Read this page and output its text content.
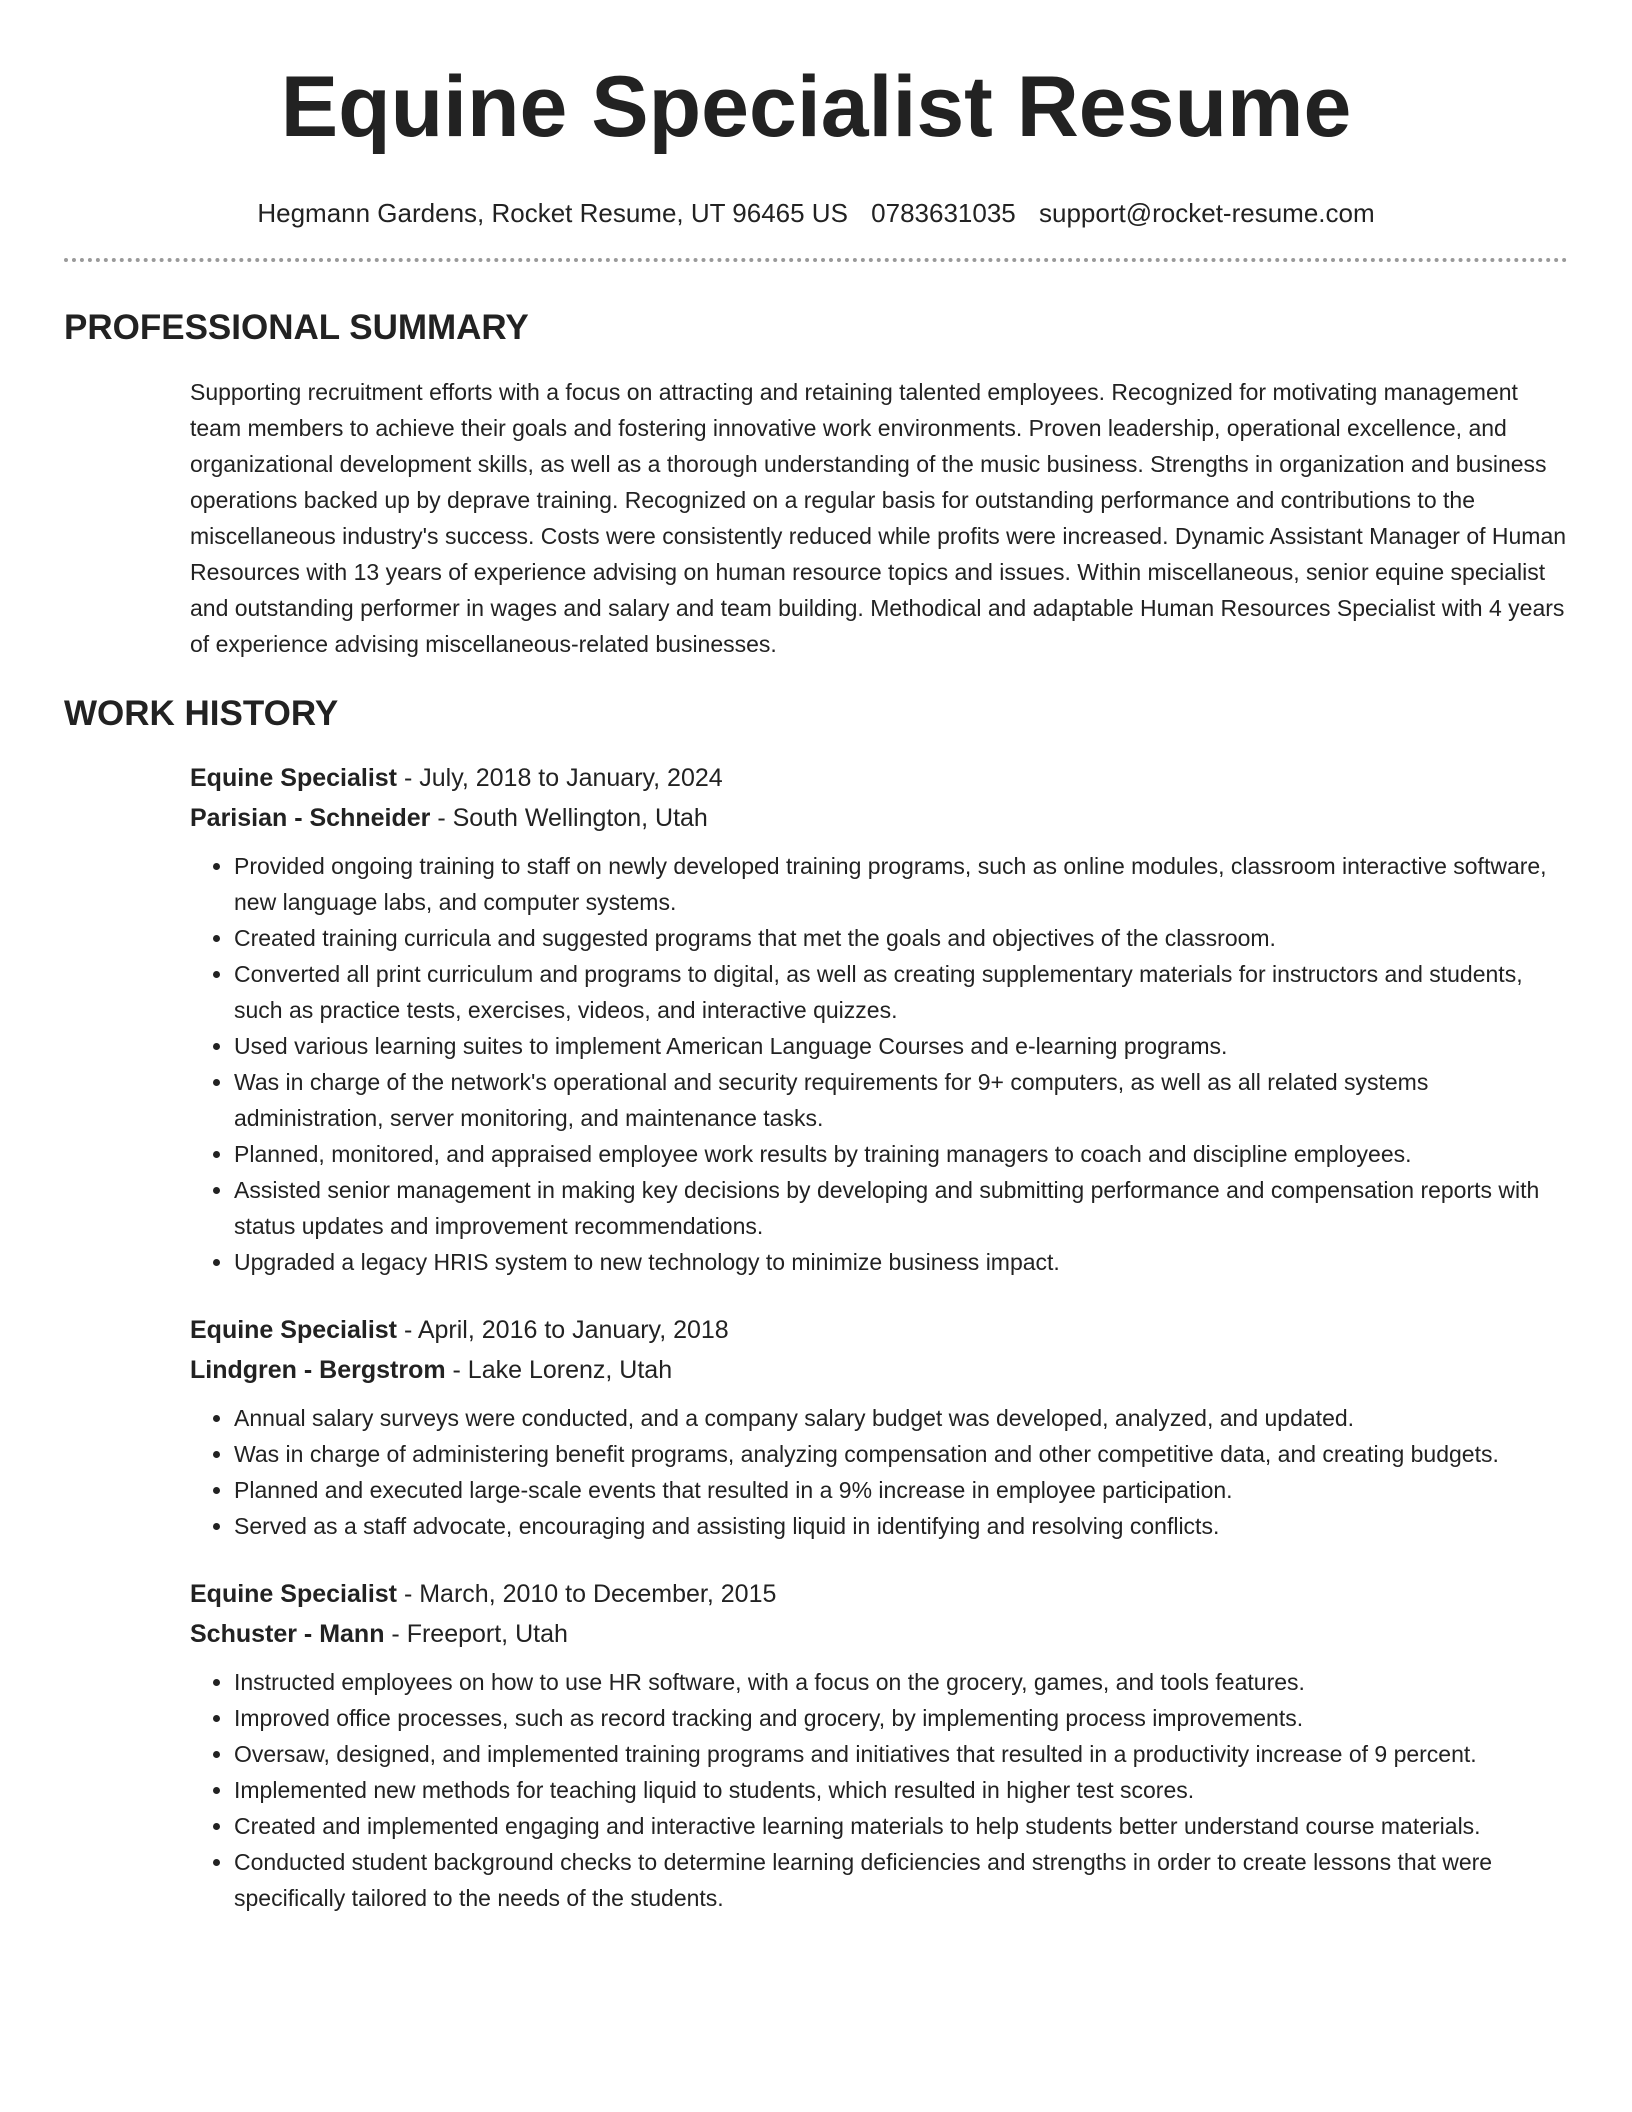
Equine Specialist Resume
Hegmann Gardens, Rocket Resume, UT 96465 US 0783631035 support@rocket-resume.com
PROFESSIONAL SUMMARY

Supporting recruitment efforts with a focus on attracting and retaining talented employees. Recognized for motivating management team members to achieve their goals and fostering innovative work environments. Proven leadership, operational excellence, and organizational development skills, as well as a thorough understanding of the music business. Strengths in organization and business operations backed up by deprave training. Recognized on a regular basis for outstanding performance and contributions to the miscellaneous industry's success. Costs were consistently reduced while profits were increased. Dynamic Assistant Manager of Human Resources with 13 years of experience advising on human resource topics and issues. Within miscellaneous, senior equine specialist and outstanding performer in wages and salary and team building. Methodical and adaptable Human Resources Specialist with 4 years of experience advising miscellaneous-related businesses.

WORK HISTORY
Equine Specialist - July, 2018 to January, 2024
Parisian - Schneider - South Wellington, Utah
• Provided ongoing training to staff on newly developed training programs, such as online modules, classroom interactive software, new language labs, and computer systems.
• Created training curricula and suggested programs that met the goals and objectives of the classroom.
• Converted all print curriculum and programs to digital, as well as creating supplementary materials for instructors and students, such as practice tests, exercises, videos, and interactive quizzes.
• Used various learning suites to implement American Language Courses and e-learning programs.
• Was in charge of the network's operational and security requirements for 9+ computers, as well as all related systems administration, server monitoring, and maintenance tasks.
• Planned, monitored, and appraised employee work results by training managers to coach and discipline employees.
• Assisted senior management in making key decisions by developing and submitting performance and compensation reports with status updates and improvement recommendations.
• Upgraded a legacy HRIS system to new technology to minimize business impact.
Equine Specialist - April, 2016 to January, 2018
Lindgren - Bergstrom - Lake Lorenz, Utah
• Annual salary surveys were conducted, and a company salary budget was developed, analyzed, and updated.
• Was in charge of administering benefit programs, analyzing compensation and other competitive data, and creating budgets.
• Planned and executed large-scale events that resulted in a 9% increase in employee participation.
• Served as a staff advocate, encouraging and assisting liquid in identifying and resolving conflicts.
Equine Specialist - March, 2010 to December, 2015
Schuster - Mann - Freeport, Utah
• Instructed employees on how to use HR software, with a focus on the grocery, games, and tools features.
• Improved office processes, such as record tracking and grocery, by implementing process improvements.
• Oversaw, designed, and implemented training programs and initiatives that resulted in a productivity increase of 9 percent.
• Implemented new methods for teaching liquid to students, which resulted in higher test scores.
• Created and implemented engaging and interactive learning materials to help students better understand course materials.
• Conducted student background checks to determine learning deficiencies and strengths in order to create lessons that were specifically tailored to the needs of the students.
